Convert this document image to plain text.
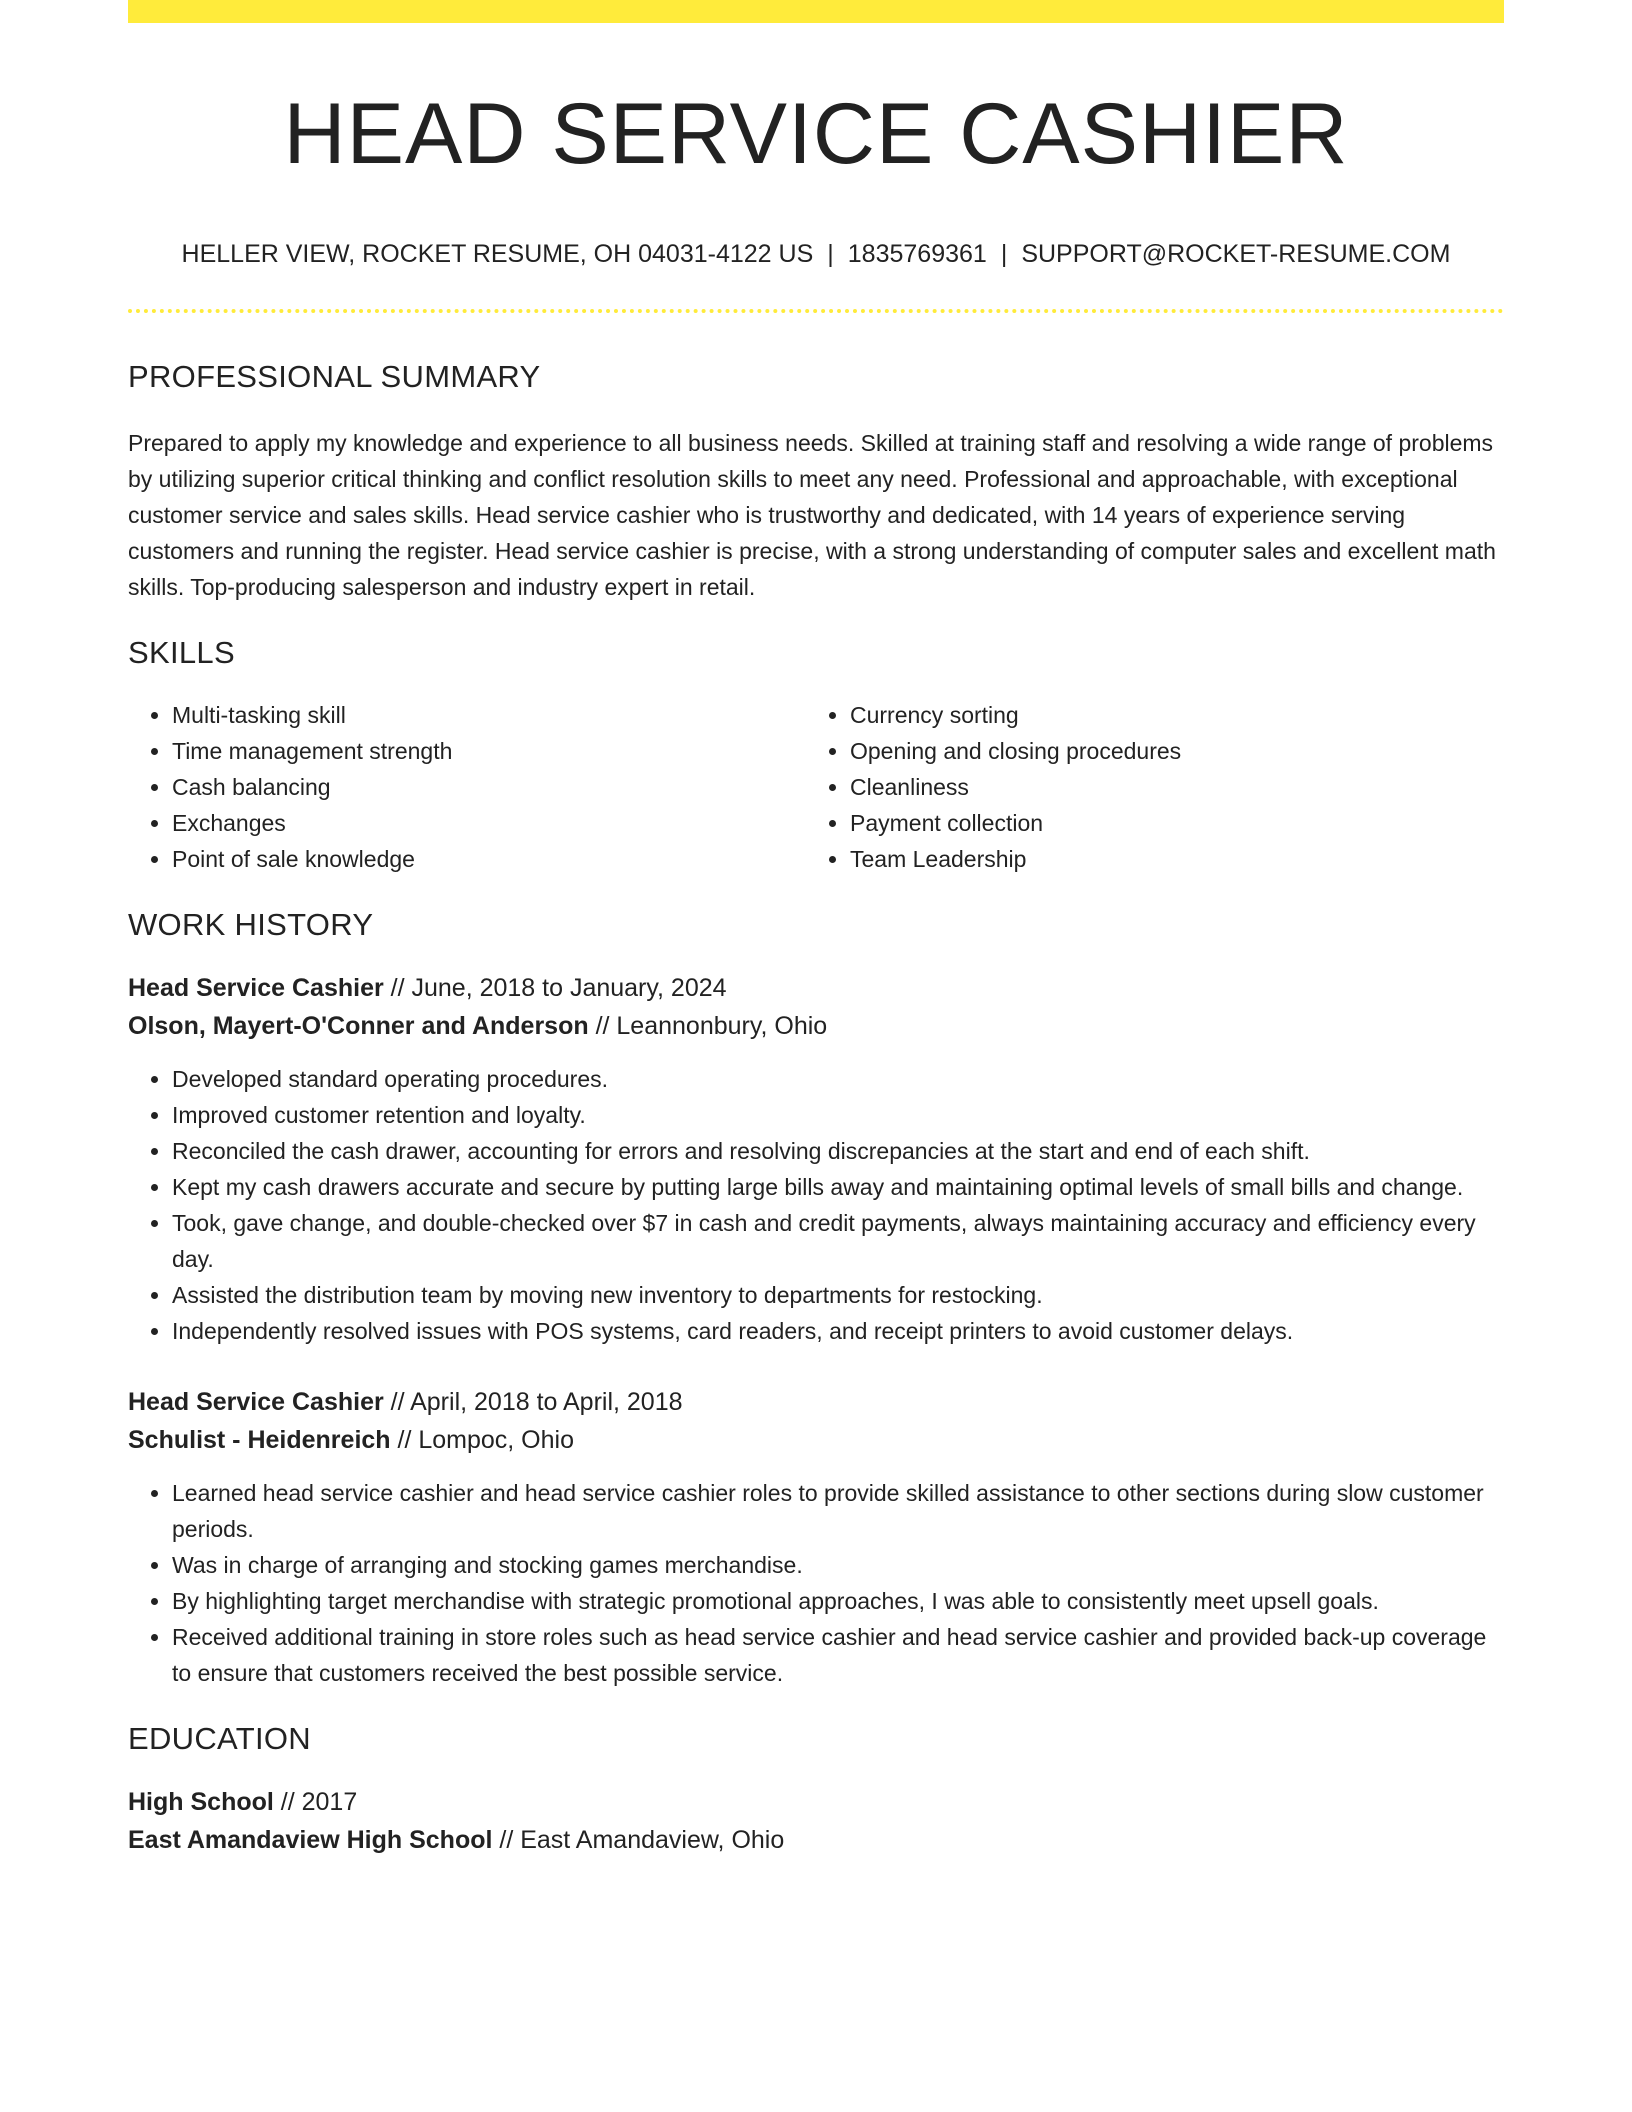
HEAD SERVICE CASHIER
HELLER VIEW, ROCKET RESUME, OH 04031-4122 US | 1835769361 | SUPPORT@ROCKET-RESUME.COM
PROFESSIONAL SUMMARY

Prepared to apply my knowledge and experience to all business needs. Skilled at training staff and resolving a wide range of problems by utilizing superior critical thinking and conflict resolution skills to meet any need. Professional and approachable, with exceptional customer service and sales skills. Head service cashier who is trustworthy and dedicated, with 14 years of experience serving customers and running the register. Head service cashier is precise, with a strong understanding of computer sales and excellent math skills. Top-producing salesperson and industry expert in retail.

SKILLS
• Multi-tasking skill
• Time management strength
• Cash balancing
• Exchanges
• Point of sale knowledge
• Currency sorting
• Opening and closing procedures
• Cleanliness
• Payment collection
• Team Leadership
WORK HISTORY
Head Service Cashier // June, 2018 to January, 2024
Olson, Mayert-O'Conner and Anderson // Leannonbury, Ohio
• Developed standard operating procedures.
• Improved customer retention and loyalty.
• Reconciled the cash drawer, accounting for errors and resolving discrepancies at the start and end of each shift.
• Kept my cash drawers accurate and secure by putting large bills away and maintaining optimal levels of small bills and change.
• Took, gave change, and double-checked over $7 in cash and credit payments, always maintaining accuracy and efficiency every day.
• Assisted the distribution team by moving new inventory to departments for restocking.
• Independently resolved issues with POS systems, card readers, and receipt printers to avoid customer delays.
Head Service Cashier // April, 2018 to April, 2018
Schulist - Heidenreich // Lompoc, Ohio
• Learned head service cashier and head service cashier roles to provide skilled assistance to other sections during slow customer periods.
• Was in charge of arranging and stocking games merchandise.
• By highlighting target merchandise with strategic promotional approaches, I was able to consistently meet upsell goals.
• Received additional training in store roles such as head service cashier and head service cashier and provided back-up coverage to ensure that customers received the best possible service.
EDUCATION
High School // 2017
East Amandaview High School // East Amandaview, Ohio
